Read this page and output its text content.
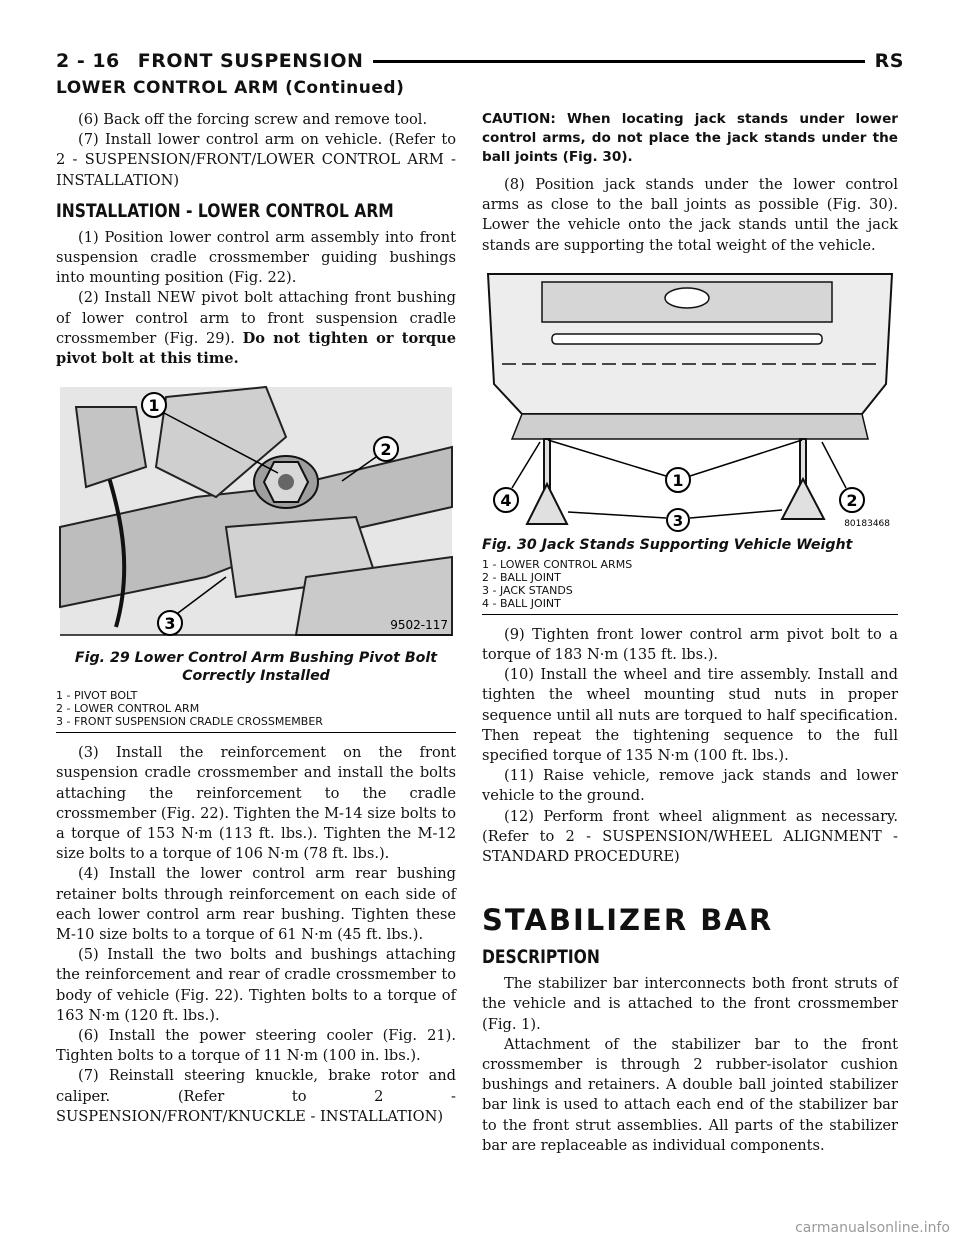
2 - 16 FRONT SUSPENSION	RS
LOWER CONTROL ARM (Continued)

(6) Back off the forcing screw and remove tool.

(7) Install lower control arm on vehicle. (Refer to 2 - SUSPENSION/FRONT/LOWER CONTROL ARM - INSTALLATION)

INSTALLATION - LOWER CONTROL ARM

(1) Position lower control arm assembly into front suspension cradle crossmember guiding bushings into mounting position (Fig. 22).

(2) Install NEW pivot bolt attaching front bushing of lower control arm to front suspension cradle crossmember (Fig. 29). Do not tighten or torque pivot bolt at this time.

1
2
3	9502-117
Fig. 29 Lower Control Arm Bushing Pivot Bolt Correctly Installed
1 - PIVOT BOLT
2 - LOWER CONTROL ARM
3 - FRONT SUSPENSION CRADLE CROSSMEMBER

(3) Install the reinforcement on the front suspension cradle crossmember and install the bolts attaching the reinforcement to the cradle crossmember (Fig. 22). Tighten the M-14 size bolts to a torque of 153 N·m (113 ft. lbs.). Tighten the M-12 size bolts to a torque of 106 N·m (78 ft. lbs.).

(4) Install the lower control arm rear bushing retainer bolts through reinforcement on each side of each lower control arm rear bushing. Tighten these M-10 size bolts to a torque of 61 N·m (45 ft. lbs.).

(5) Install the two bolts and bushings attaching the reinforcement and rear of cradle crossmember to body of vehicle (Fig. 22). Tighten bolts to a torque of 163 N·m (120 ft. lbs.).

(6) Install the power steering cooler (Fig. 21). Tighten bolts to a torque of 11 N·m (100 in. lbs.).

(7) Reinstall steering knuckle, brake rotor and caliper. (Refer to 2 - SUSPENSION/FRONT/KNUCKLE - INSTALLATION)

CAUTION: When locating jack stands under lower control arms, do not place the jack stands under the ball joints (Fig. 30).

(8) Position jack stands under the lower control arms as close to the ball joints as possible (Fig. 30). Lower the vehicle onto the jack stands until the jack stands are supporting the total weight of the vehicle.

1
2
3
4
80183468
Fig. 30 Jack Stands Supporting Vehicle Weight
1 - LOWER CONTROL ARMS
2 - BALL JOINT
3 - JACK STANDS
4 - BALL JOINT

(9) Tighten front lower control arm pivot bolt to a torque of 183 N·m (135 ft. lbs.).

(10) Install the wheel and tire assembly. Install and tighten the wheel mounting stud nuts in proper sequence until all nuts are torqued to half specification. Then repeat the tightening sequence to the full specified torque of 135 N·m (100 ft. lbs.).

(11) Raise vehicle, remove jack stands and lower vehicle to the ground.

(12) Perform front wheel alignment as necessary. (Refer to 2 - SUSPENSION/WHEEL ALIGNMENT - STANDARD PROCEDURE)

STABILIZER BAR
DESCRIPTION

The stabilizer bar interconnects both front struts of the vehicle and is attached to the front crossmember (Fig. 1).

Attachment of the stabilizer bar to the front crossmember is through 2 rubber-isolator cushion bushings and retainers. A double ball jointed stabilizer bar link is used to attach each end of the stabilizer bar to the front strut assemblies. All parts of the stabilizer bar are replaceable as individual components.

carmanualsonline.info
